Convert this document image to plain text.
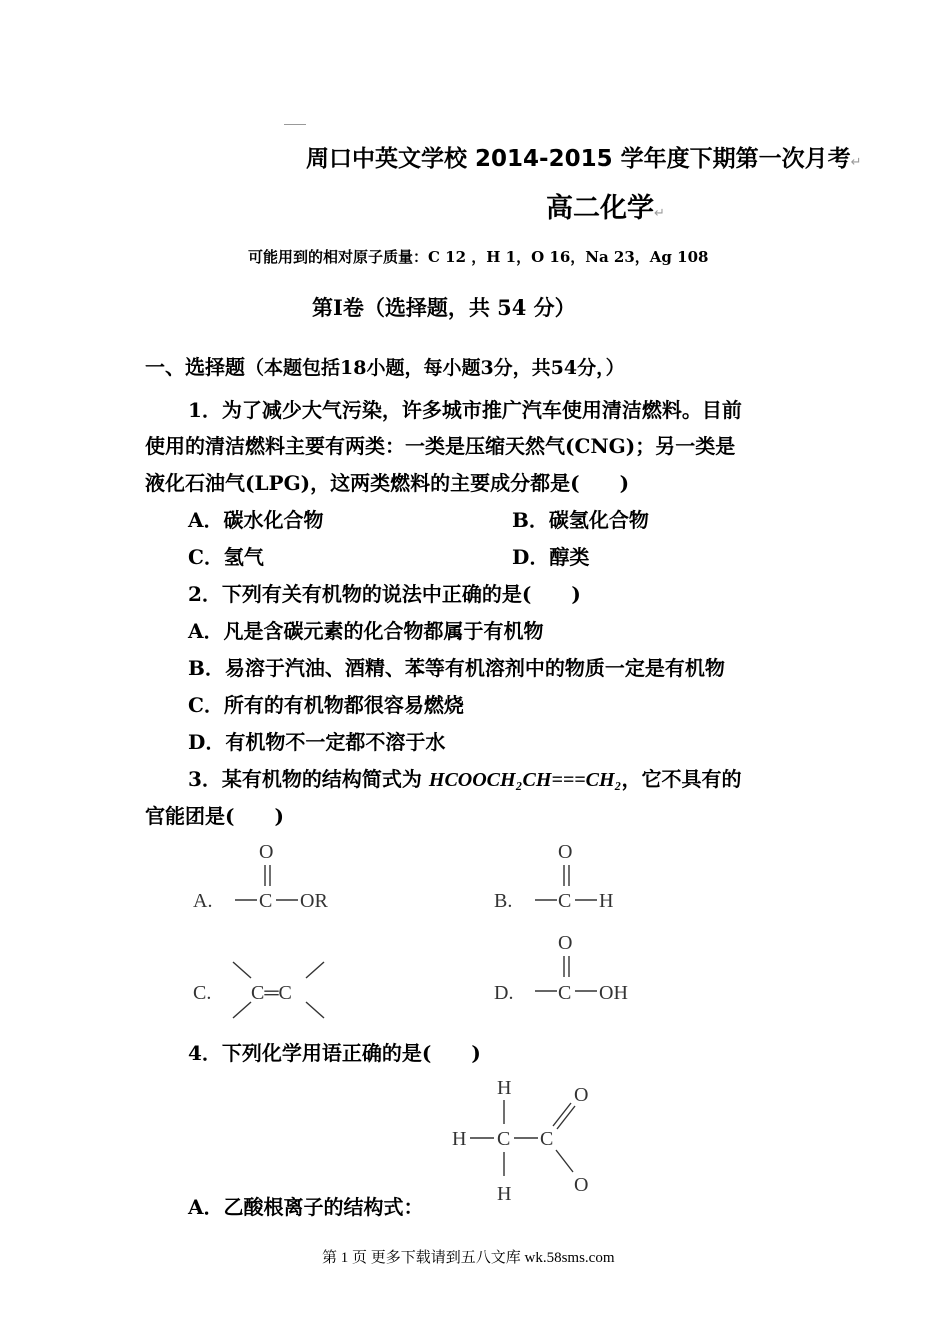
周口中英文学校 2014-2015 学年度下期第一次月考↵
高二化学↵
可能用到的相对原子质量：C 12 ，H 1，O 16，Na 23，Ag 108
第Ⅰ卷（选择题，共 54 分）
一、选择题（本题包括18小题，每小题3分，共54分，）
1．为了减少大气污染，许多城市推广汽车使用清洁燃料。目前
使用的清洁燃料主要有两类：一类是压缩天然气(CNG)；另一类是
液化石油气(LPG)，这两类燃料的主要成分都是(　　)
A．碳水化合物	B．碳氢化合物
C．氢气	D．醇类
2．下列有关有机物的说法中正确的是(　　)
A．凡是含碳元素的化合物都属于有机物
B．易溶于汽油、酒精、苯等有机溶剂中的物质一定是有机物
C．所有的有机物都很容易燃烧
D．有机物不一定都不溶于水
3．某有机物的结构简式为 HCOOCH₂CH===CH₂，它不具有的
官能团是(　　)
A.
O
C OR	B.
O
C H
C. C═C	D.
O
C OH
H
H C C
H
O
O
4．下列化学用语正确的是(　　)
A．乙酸根离子的结构式：
第 1 页 更多下载请到五八文库 wk.58sms.com
